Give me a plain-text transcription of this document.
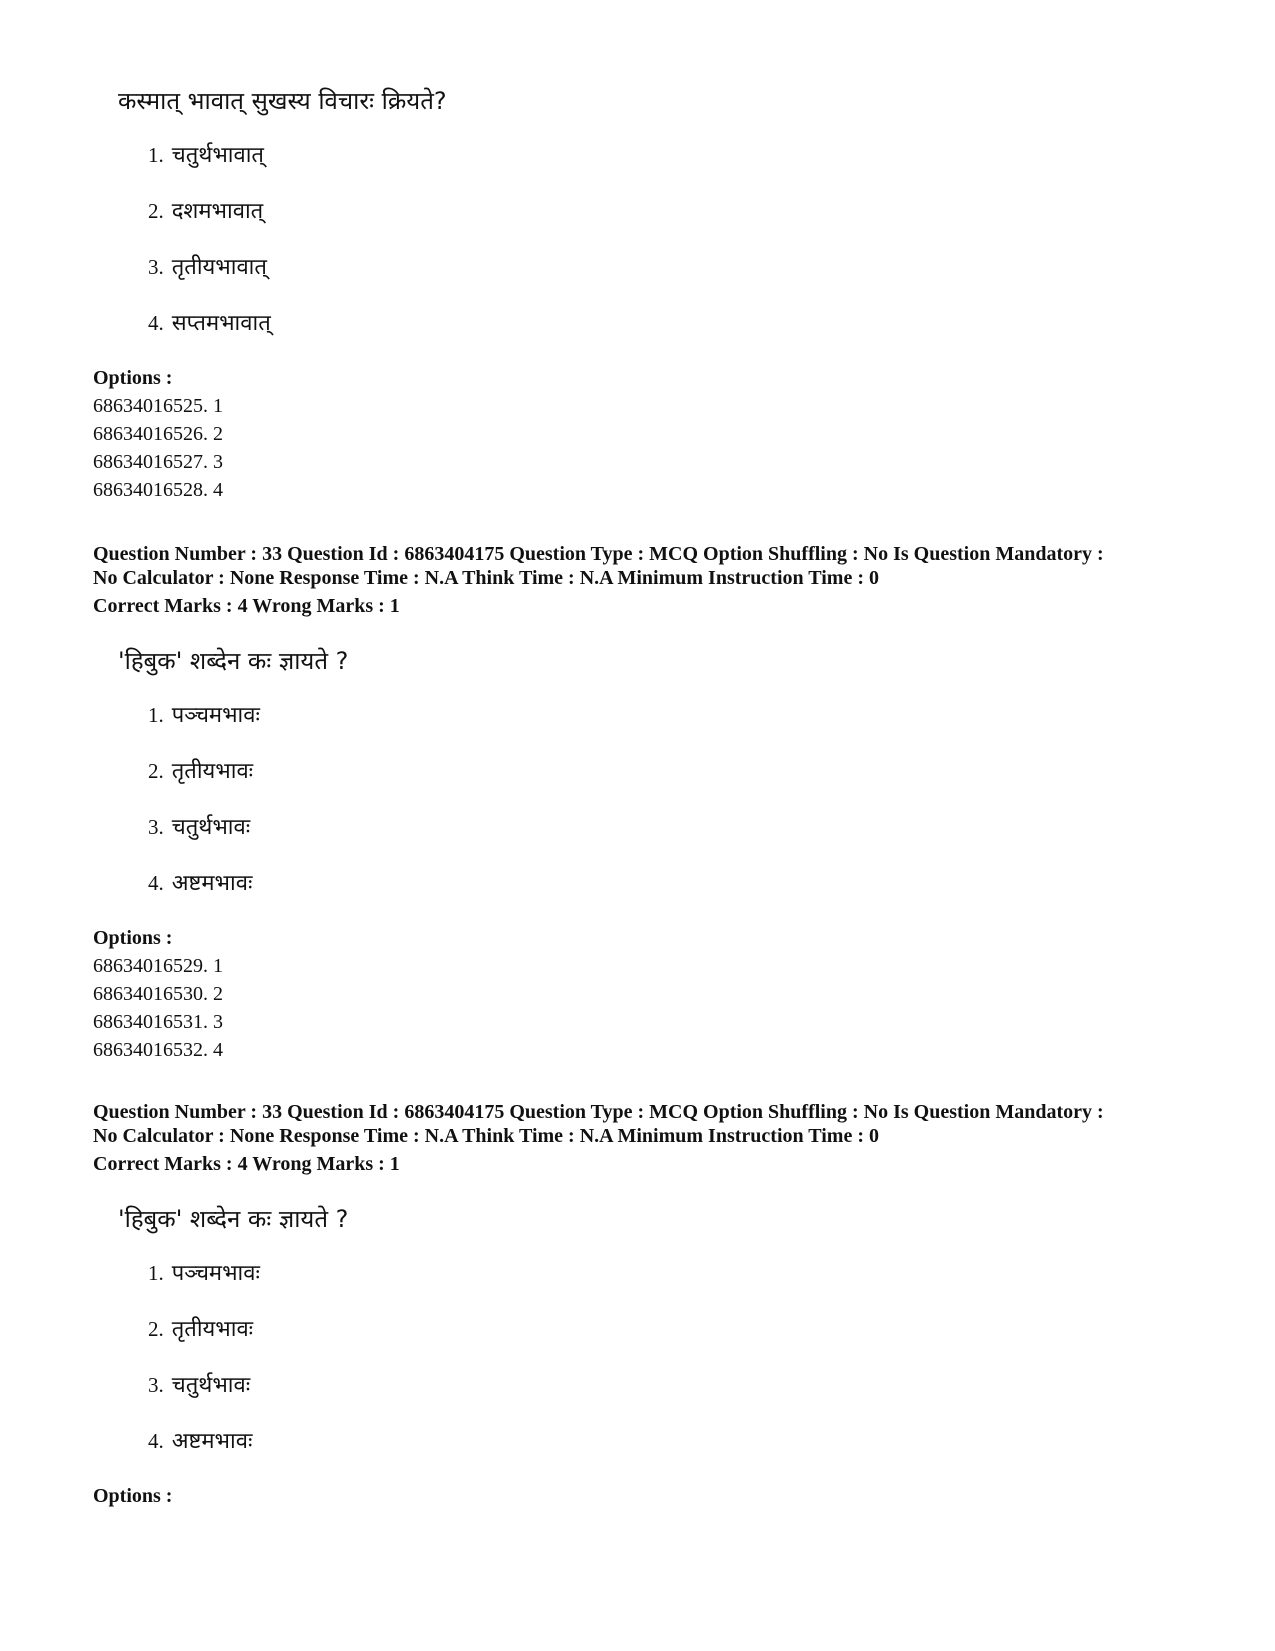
कस्मात् भावात् सुखस्य विचारः क्रियते?
1. चतुर्थभावात्
2. दशमभावात्
3. तृतीयभावात्
4. सप्तमभावात्
Options :
68634016525. 1
68634016526. 2
68634016527. 3
68634016528. 4
Question Number : 33 Question Id : 6863404175 Question Type : MCQ Option Shuffling : No Is Question Mandatory :
No Calculator : None Response Time : N.A Think Time : N.A Minimum Instruction Time : 0
Correct Marks : 4 Wrong Marks : 1
'हिबुक' शब्देन कः ज्ञायते ?
1. पञ्चमभावः
2. तृतीयभावः
3. चतुर्थभावः
4. अष्टमभावः
Options :
68634016529. 1
68634016530. 2
68634016531. 3
68634016532. 4
Question Number : 33 Question Id : 6863404175 Question Type : MCQ Option Shuffling : No Is Question Mandatory :
No Calculator : None Response Time : N.A Think Time : N.A Minimum Instruction Time : 0
Correct Marks : 4 Wrong Marks : 1
'हिबुक' शब्देन कः ज्ञायते ?
1. पञ्चमभावः
2. तृतीयभावः
3. चतुर्थभावः
4. अष्टमभावः
Options :
